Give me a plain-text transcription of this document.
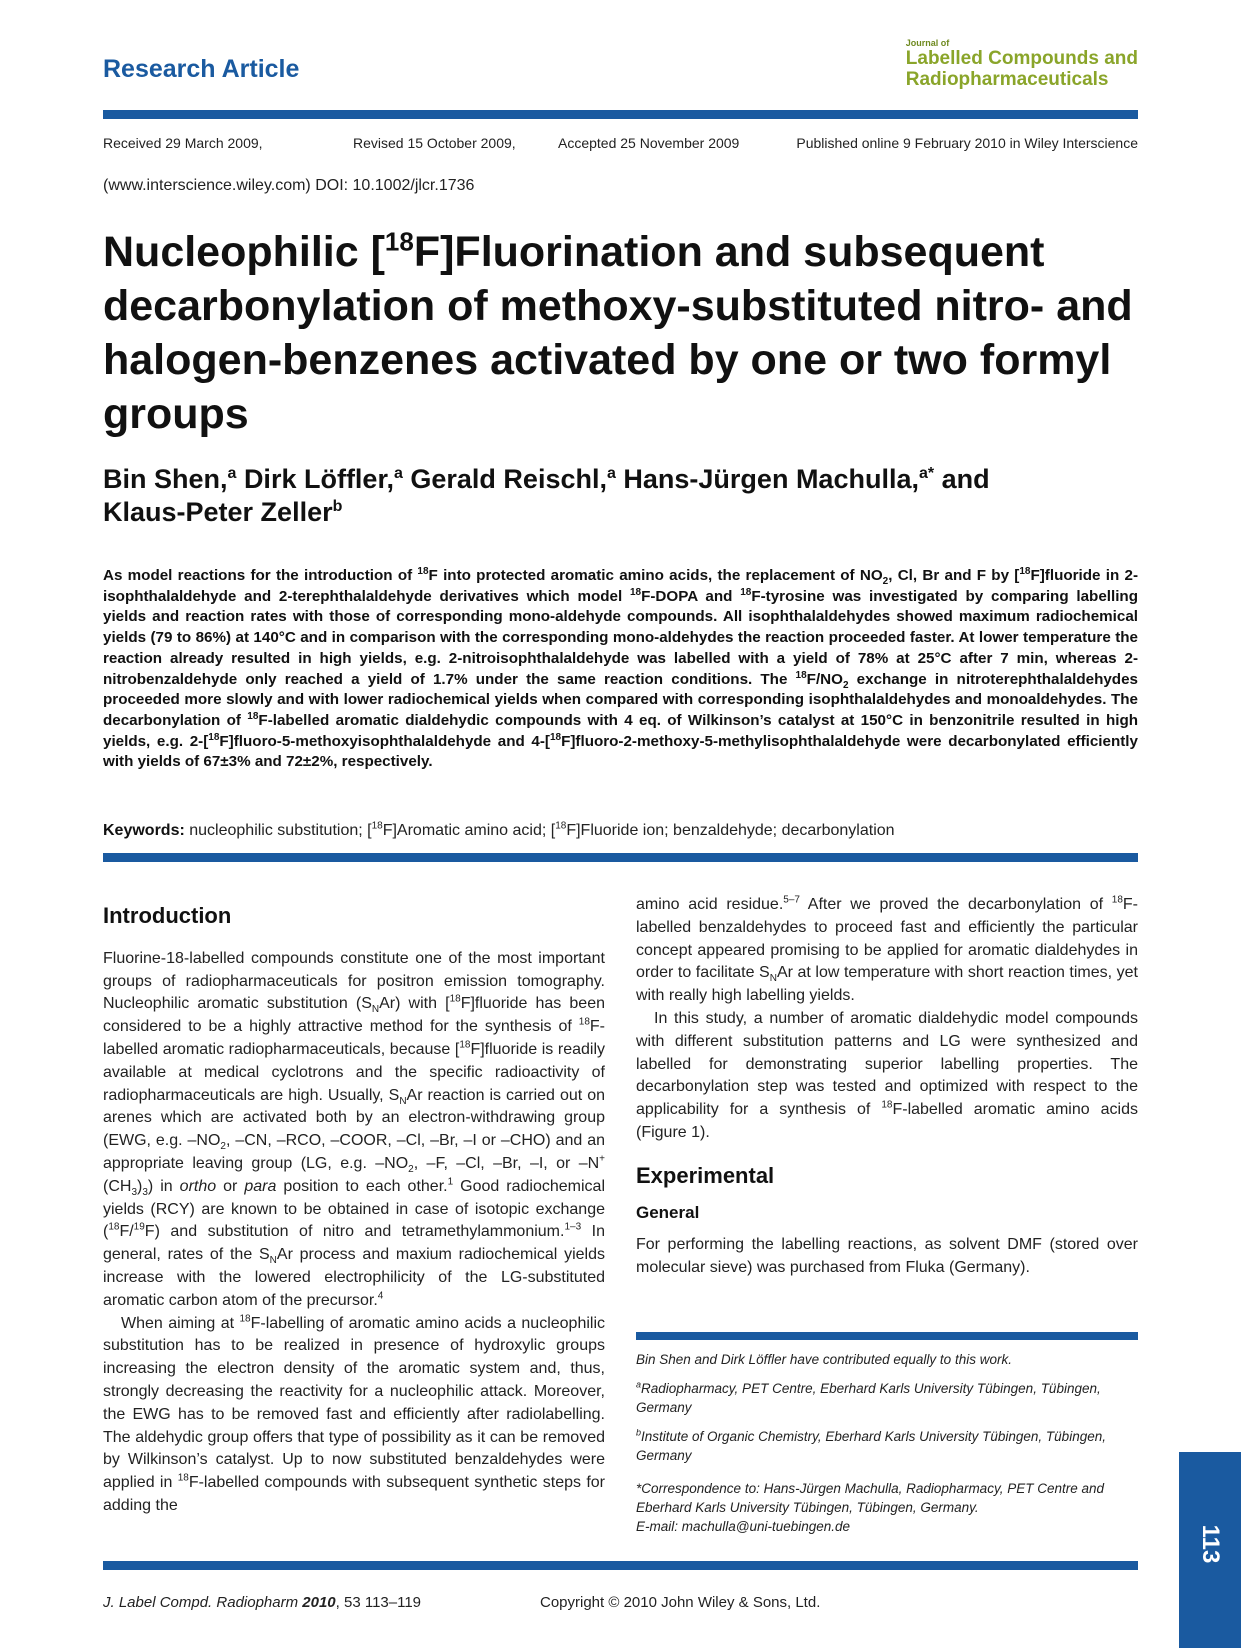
Research Article
Journal of
Labelled Compounds and
Radiopharmaceuticals
Received 29 March 2009,	Revised 15 October 2009,	Accepted 25 November 2009	Published online 9 February 2010 in Wiley Interscience
(www.interscience.wiley.com) DOI: 10.1002/jlcr.1736
Nucleophilic [$^{18}$F]Fluorination and subsequent decarbonylation of methoxy-substituted nitro- and halogen-benzenes activated by one or two formyl groups
Bin Shen,$^a$ Dirk Löffler,$^a$ Gerald Reischl,$^a$ Hans-Jürgen Machulla,$^{a*}$ and
Klaus-Peter Zeller$^b$
As model reactions for the introduction of $^{18}$F into protected aromatic amino acids, the replacement of $NO_2$, Cl, Br and F by [$^{18}$F]fluoride in 2-isophthalaldehyde and 2-terephthalaldehyde derivatives which model $^{18}$F-DOPA and $^{18}$F-tyrosine was investigated by comparing labelling yields and reaction rates with those of corresponding mono-aldehyde compounds. All isophthalaldehydes showed maximum radiochemical yields (79 to 86%) at 140°C and in comparison with the corresponding mono-aldehydes the reaction proceeded faster. At lower temperature the reaction already resulted in high yields, e.g. 2-nitroisophthalaldehyde was labelled with a yield of 78% at 25°C after 7 min, whereas 2-nitrobenzaldehyde only reached a yield of 1.7% under the same reaction conditions. The $^{18}F/NO_2$ exchange in nitroterephthalaldehydes proceeded more slowly and with lower radiochemical yields when compared with corresponding isophthalaldehydes and monoaldehydes. The decarbonylation of $^{18}$F-labelled aromatic dialdehydic compounds with 4 eq. of Wilkinson’s catalyst at 150°C in benzonitrile resulted in high yields, e.g. 2-[$^{18}$F]fluoro-5-methoxyisophthalaldehyde and 4-[$^{18}$F]fluoro-2-methoxy-5-methylisophthalaldehyde were decarbonylated efficiently with yields of 67±3% and 72±2%, respectively.
Keywords: nucleophilic substitution; [$^{18}$F]Aromatic amino acid; [$^{18}$F]Fluoride ion; benzaldehyde; decarbonylation
Introduction

Fluorine-18-labelled compounds constitute one of the most important groups of radiopharmaceuticals for positron emission tomography. Nucleophilic aromatic substitution $(S_NAr)$ with [$^{18}$F]fluoride has been considered to be a highly attractive method for the synthesis of $^{18}$F-labelled aromatic radiopharmaceuticals, because [$^{18}$F]fluoride is readily available at medical cyclotrons and the specific radioactivity of radiopharmaceuticals are high. Usually, $S_NAr$ reaction is carried out on arenes which are activated both by an electron-withdrawing group (EWG, e.g. $-NO_2$, –CN, –RCO, –COOR, –Cl, –Br, –I or –CHO) and an appropriate leaving group (LG, e.g. $-NO_2$, –F, –Cl, –Br, –I, or $-N^+(CH_3)_3$) in ortho or para position to each other.$^1$ Good radiochemical yields (RCY) are known to be obtained in case of isotopic exchange ($^{18}$F/$^{19}$F) and substitution of nitro and tetramethylammonium.$^{1-3}$ In general, rates of the $S_NAr$ process and maxium radiochemical yields increase with the lowered electrophilicity of the LG-substituted aromatic carbon atom of the precursor.$^4$

When aiming at $^{18}$F-labelling of aromatic amino acids a nucleophilic substitution has to be realized in presence of hydroxylic groups increasing the electron density of the aromatic system and, thus, strongly decreasing the reactivity for a nucleophilic attack. Moreover, the EWG has to be removed fast and efficiently after radiolabelling. The aldehydic group offers that type of possibility as it can be removed by Wilkinson’s catalyst. Up to now substituted benzaldehydes were applied in $^{18}$F-labelled compounds with subsequent synthetic steps for adding the

amino acid residue.$^{5-7}$ After we proved the decarbonylation of $^{18}$F-labelled benzaldehydes to proceed fast and efficiently the particular concept appeared promising to be applied for aromatic dialdehydes in order to facilitate $S_NAr$ at low temperature with short reaction times, yet with really high labelling yields.

In this study, a number of aromatic dialdehydic model compounds with different substitution patterns and LG were synthesized and labelled for demonstrating superior labelling properties. The decarbonylation step was tested and optimized with respect to the applicability for a synthesis of $^{18}$F-labelled aromatic amino acids (Figure 1).

Experimental
General

For performing the labelling reactions, as solvent DMF (stored over molecular sieve) was purchased from Fluka (Germany).

Bin Shen and Dirk Löffler have contributed equally to this work.

$^a$Radiopharmacy, PET Centre, Eberhard Karls University Tübingen, Tübingen, Germany

$^b$Institute of Organic Chemistry, Eberhard Karls University Tübingen, Tübingen, Germany

*Correspondence to: Hans-Jürgen Machulla, Radiopharmacy, PET Centre and Eberhard Karls University Tübingen, Tübingen, Germany.
E-mail: machulla@uni-tuebingen.de

J. Label Compd. Radiopharm 2010, 53 113–119	Copyright © 2010 John Wiley & Sons, Ltd.
113
